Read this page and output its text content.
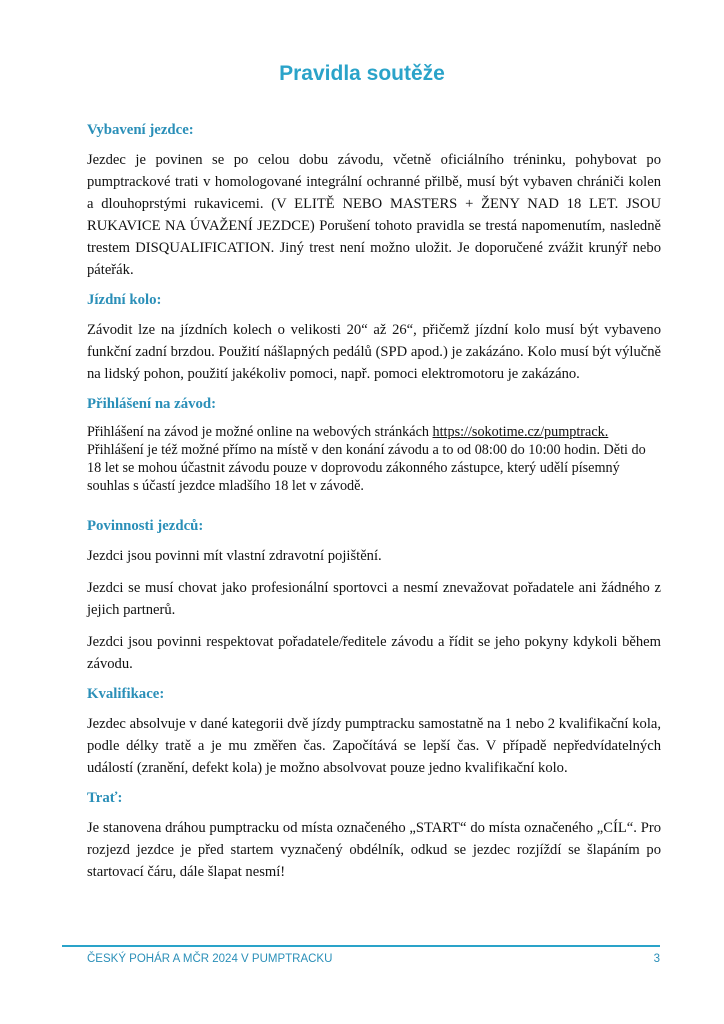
Pravidla soutěže
Vybavení jezdce:

Jezdec je povinen se po celou dobu závodu, včetně oficiálního tréninku, pohybovat po pumptrackové trati v homologované integrální ochranné přilbě, musí být vybaven chrániči kolen a dlouhoprstými rukavicemi. (V ELITĚ NEBO MASTERS + ŽENY NAD 18 LET. JSOU RUKAVICE NA ÚVAŽENÍ JEZDCE) Porušení tohoto pravidla se trestá napomenutím, nasledně trestem DISQUALIFICATION. Jiný trest není možno uložit. Je doporučené zvážit krunýř nebo páteřák.

Jízdní kolo:

Závodit lze na jízdních kolech o velikosti 20“ až 26“, přičemž jízdní kolo musí být vybaveno funkční zadní brzdou. Použití nášlapných pedálů (SPD apod.) je zakázáno. Kolo musí být výlučně na lidský pohon, použití jakékoliv pomoci, např. pomoci elektromotoru je zakázáno.

Přihlášení na závod:

Přihlášení na závod je možné online na webových stránkách https://sokotime.cz/pumptrack.

Přihlášení je též možné přímo na místě v den konání závodu a to od 08:00 do 10:00 hodin. Děti do 18 let se mohou účastnit závodu pouze v doprovodu zákonného zástupce, který udělí písemný souhlas s účastí jezdce mladšího 18 let v závodě.

Povinnosti jezdců:

Jezdci jsou povinni mít vlastní zdravotní pojištění.

Jezdci se musí chovat jako profesionální sportovci a nesmí znevažovat pořadatele ani žádného z jejich partnerů.

Jezdci jsou povinni respektovat pořadatele/ředitele závodu a řídit se jeho pokyny kdykoli během závodu.

Kvalifikace:

Jezdec absolvuje v dané kategorii dvě jízdy pumptracku samostatně na 1 nebo 2 kvalifikační kola, podle délky tratě a je mu změřen čas. Započítává se lepší čas. V případě nepředvídatelných událostí (zranění, defekt kola) je možno absolvovat pouze jedno kvalifikační kolo.

Trať:

Je stanovena dráhou pumptracku od místa označeného „START“ do místa označeného „CÍL“. Pro rozjezd jezdce je před startem vyznačený obdélník, odkud se jezdec rozjíždí se šlapáním po startovací čáru, dále šlapat nesmí!

ČESKÝ POHÁR A MČR 2024 V PUMPTRACKU	3
